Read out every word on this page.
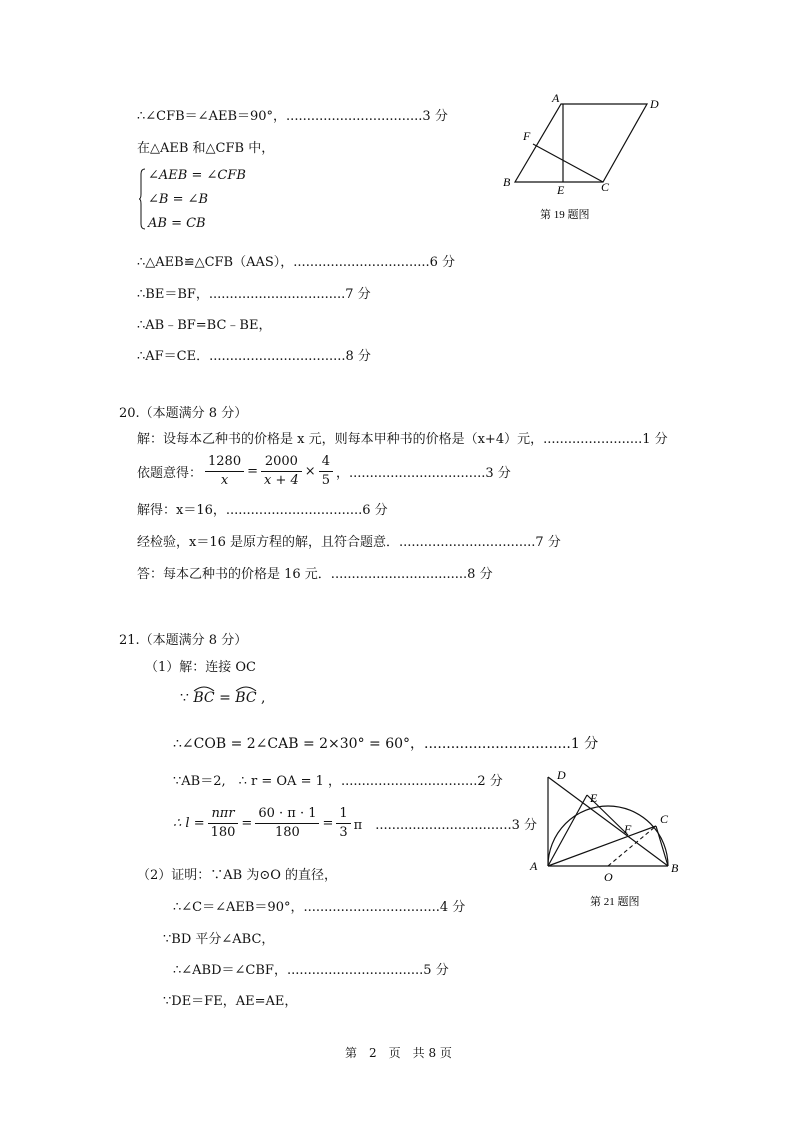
∴∠CFB＝∠AEB＝90°，.................................3 分
在△AEB 和△CFB 中，
∠AEB = ∠CFB
∠B = ∠B
AB = CB
∴△AEB≌△CFB（AAS），.................................6 分
∴BE＝BF，.................................7 分
∴AB﹣BF=BC﹣BE，
∴AF＝CE．.................................8 分
A	D
F
B
E	C
第 19 题图
20.（本题满分 8 分）
解：设每本乙种书的价格是 x 元，则每本甲种书的价格是（x+4）元，........................1 分
依题意得： $\frac{1280}{x} = \frac{2000}{x + 4} \times \frac{4}{5}$ ，.................................3 分
解得：x＝16，.................................6 分
经检验，x＝16 是原方程的解，且符合题意．.................................7 分
答：每本乙种书的价格是 16 元．.................................8 分
21.（本题满分 8 分）
（1）解：连接 OC
∵ BC = BC ,
∴∠COB = 2∠CAB = 2×30° = 60°，.................................1 分
∵AB＝2,　∴ r = OA = 1 ，.................................2 分
∴ $l = \frac{\text{nπr}}{180} = \frac{60 \cdot \pi \cdot 1}{180} = \frac{1}{3}$ π　.................................3 分
（2）证明：∵AB 为⊙O 的直径，
∴∠C＝∠AEB＝90°，.................................4 分
∵BD 平分∠ABC，
∴∠ABD＝∠CBF，.................................5 分
∵DE＝FE，AE=AE，
D
E
C
F
A
O
B
第 21 题图
第　2　页　共 8 页
